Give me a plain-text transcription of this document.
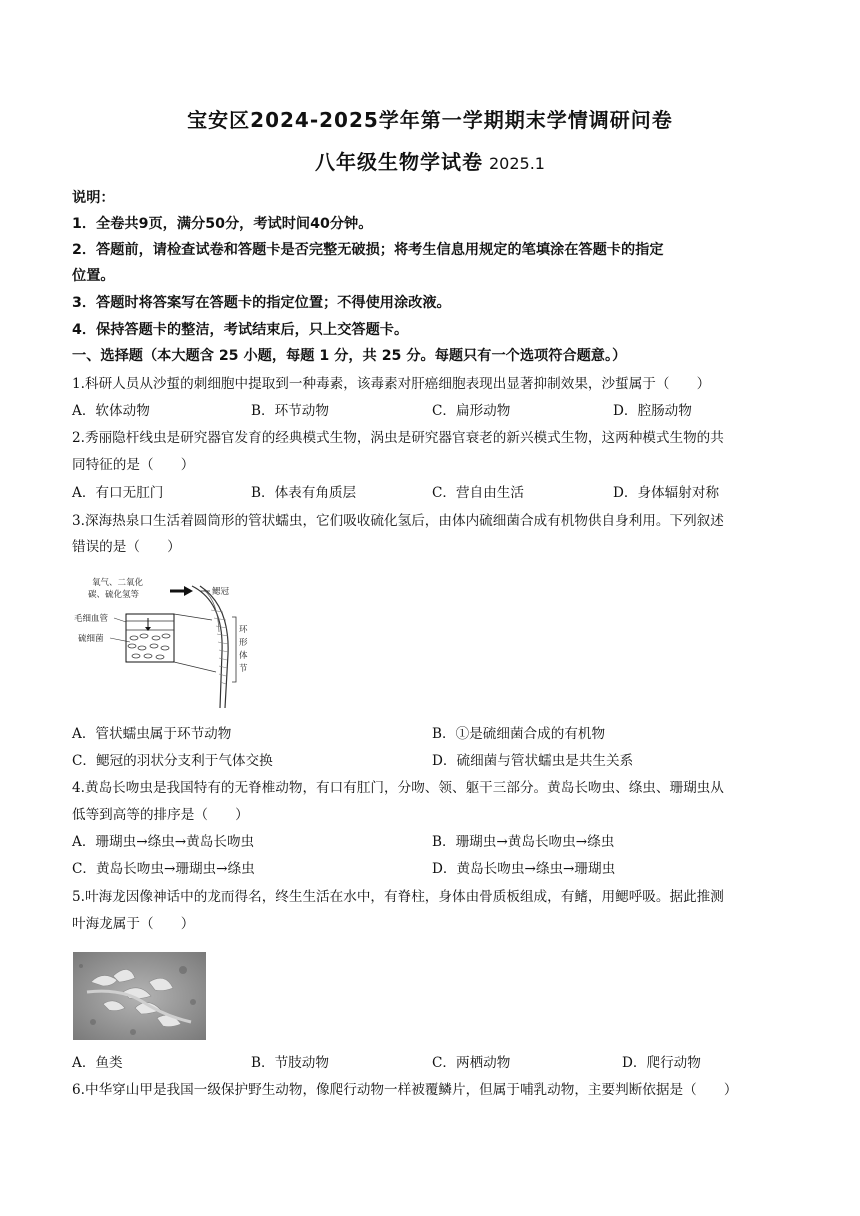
宝安区2024-2025学年第一学期期末学情调研问卷
八年级生物学试卷 2025.1
说明：
1．全卷共9页，满分50分，考试时间40分钟。
2．答题前，请检查试卷和答题卡是否完整无破损；将考生信息用规定的笔填涂在答题卡的指定
位置。
3．答题时将答案写在答题卡的指定位置；不得使用涂改液。
4．保持答题卡的整洁，考试结束后，只上交答题卡。
一、选择题（本大题含 25 小题，每题 1 分，共 25 分。每题只有一个选项符合题意。）
1.科研人员从沙蜇的刺细胞中提取到一种毒素，该毒素对肝癌细胞表现出显著抑制效果，沙蜇属于（　　）
A．软体动物	B．环节动物	C．扁形动物	D．腔肠动物
2.秀丽隐杆线虫是研究器官发育的经典模式生物，涡虫是研究器官衰老的新兴模式生物，这两种模式生物的共
同特征的是（　　）
A．有口无肛门	B．体表有角质层	C．营自由生活	D．身体辐射对称
3.深海热泉口生活着圆筒形的管状蠕虫，它们吸收硫化氢后，由体内硫细菌合成有机物供自身利用。下列叙述
错误的是（　　）
氧气、二氧化
碳、硫化氢等	鳃冠
毛细血管
硫细菌
环
形
体
节
A．管状蠕虫属于环节动物	B．①是硫细菌合成的有机物
C．鳃冠的羽状分支利于气体交换	D．硫细菌与管状蠕虫是共生关系
4.黄岛长吻虫是我国特有的无脊椎动物，有口有肛门，分吻、领、躯干三部分。黄岛长吻虫、绦虫、珊瑚虫从
低等到高等的排序是（　　）
A．珊瑚虫→绦虫→黄岛长吻虫	B．珊瑚虫→黄岛长吻虫→绦虫
C．黄岛长吻虫→珊瑚虫→绦虫	D．黄岛长吻虫→绦虫→珊瑚虫
5.叶海龙因像神话中的龙而得名，终生生活在水中，有脊柱，身体由骨质板组成，有鳍，用鳃呼吸。据此推测
叶海龙属于（　　）
A．鱼类	B．节肢动物	C．两栖动物	D．爬行动物
6.中华穿山甲是我国一级保护野生动物，像爬行动物一样被覆鳞片，但属于哺乳动物，主要判断依据是（　　）
